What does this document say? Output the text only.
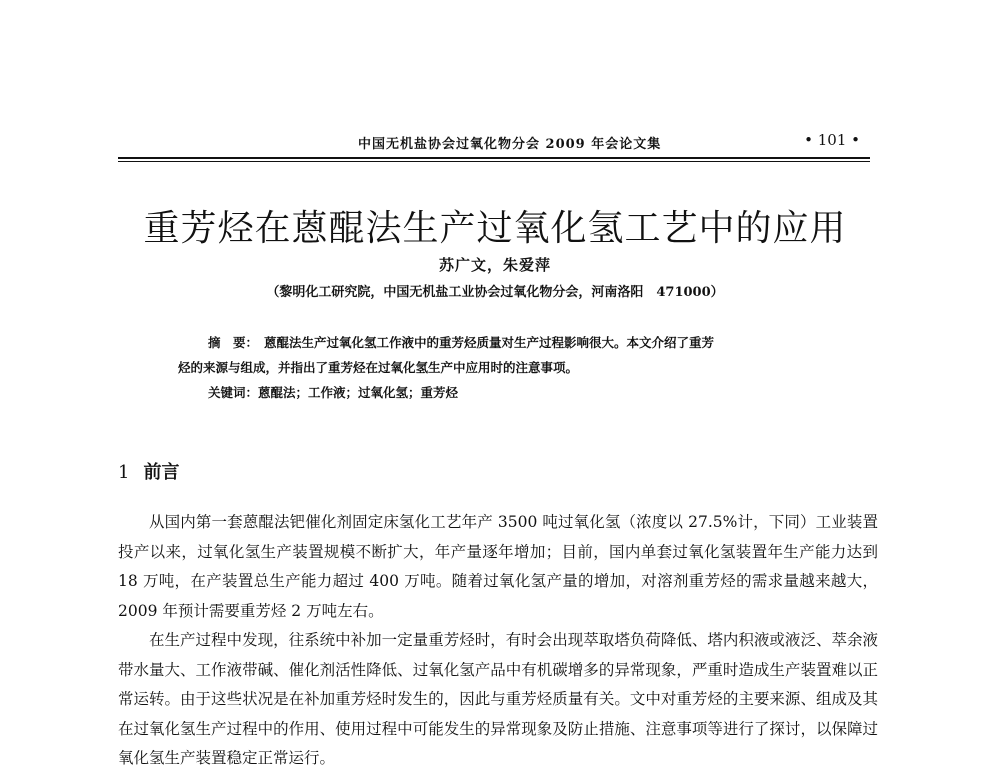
中国无机盐协会过氧化物分会 2009 年会论文集	• 101 •
重芳烃在蒽醌法生产过氧化氢工艺中的应用
苏广文，朱爱萍
（黎明化工研究院，中国无机盐工业协会过氧化物分会，河南洛阳　471000）

摘　要： 蒽醌法生产过氧化氢工作液中的重芳烃质量对生产过程影响很大。本文介绍了重芳

烃的来源与组成，并指出了重芳烃在过氧化氢生产中应用时的注意事项。

关键词：蒽醌法；工作液；过氧化氢；重芳烃

1 前言

从国内第一套蒽醌法钯催化剂固定床氢化工艺年产 3500 吨过氧化氢（浓度以 27.5%计，下同）工业装置投产以来，过氧化氢生产装置规模不断扩大，年产量逐年增加；目前，国内单套过氧化氢装置年生产能力达到 18 万吨，在产装置总生产能力超过 400 万吨。随着过氧化氢产量的增加，对溶剂重芳烃的需求量越来越大，2009 年预计需要重芳烃 2 万吨左右。

在生产过程中发现，往系统中补加一定量重芳烃时，有时会出现萃取塔负荷降低、塔内积液或液泛、萃余液带水量大、工作液带碱、催化剂活性降低、过氧化氢产品中有机碳增多的异常现象，严重时造成生产装置难以正常运转。由于这些状况是在补加重芳烃时发生的，因此与重芳烃质量有关。文中对重芳烃的主要来源、组成及其在过氧化氢生产过程中的作用、使用过程中可能发生的异常现象及防止措施、注意事项等进行了探讨，以保障过氧化氢生产装置稳定正常运行。
